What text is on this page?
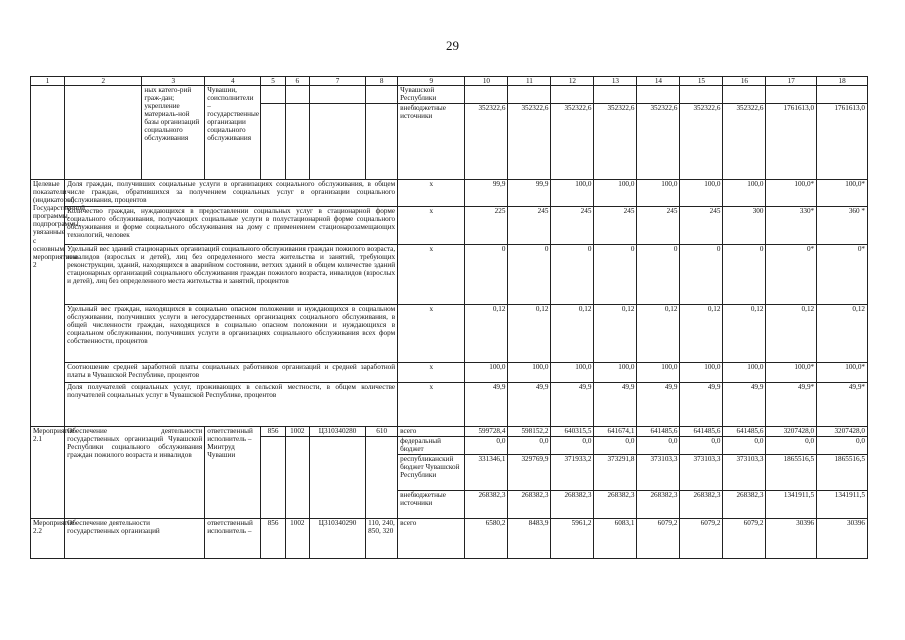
29
1	2	3	4	5	6	7	8	9	10	11	12	13	14	15	16	17	18
		ных катего-рий граж-дан; укрепление материаль-ной базы организаций социального обслуживания	Чувашии, соисполнители – государственные организации социального обслуживания					Чувашской Республики									
								внебюджетные источники	352322,6	352322,6	352322,6	352322,6	352322,6	352322,6	352322,6	1761613,0	1761613,0
Целевые показатели (индикаторы) Государственной программы, подпрограммы, увязанные с основным мероприятием 2	Доля граждан, получивших социальные услуги в организациях социального обслуживания, в общем числе граждан, обратившихся за получением социальных услуг в организации социального обслуживания, процентов							x	99,9	99,9	100,0	100,0	100,0	100,0	100,0	100,0*	100,0*
	Количество граждан, нуждающихся в предоставлении социальных услуг в стационарной форме социального обслуживания, получающих социальные услуги в полустационарной форме социального обслуживания и форме социального обслуживания на дому с применением стационарозамещающих технологий, человек							x	225	245	245	245	245	245	300	330*	360 *
	Удельный вес зданий стационарных организаций социального обслуживания граждан пожилого возраста, инвалидов (взрослых и детей), лиц без определенного места жительства и занятий, требующих реконструкции, зданий, находящихся в аварийном состоянии, ветхих зданий в общем количестве зданий стационарных организаций социального обслуживания граждан пожилого возраста, инвалидов (взрослых и детей), лиц без определенного места жительства и занятий, процентов							x	0	0	0	0	0	0	0	0*	0*
	Удельный вес граждан, находящихся в социально опасном положении и нуждающихся в социальном обслуживании, получивших услуги в негосударственных организациях социального обслуживания, в общей численности граждан, находящихся в социально опасном положении и нуждающихся в социальном обслуживании, получивших услуги в организациях социального обслуживания всех форм собственности, процентов							x	0,12	0,12	0,12	0,12	0,12	0,12	0,12	0,12	0,12
	Соотношение средней заработной платы социальных работников организаций и средней заработной платы в Чувашской Республике, процентов							x	100,0	100,0	100,0	100,0	100,0	100,0	100,0	100,0*	100,0*
	Доля получателей социальных услуг, проживающих в сельской местности, в общем количестве получателей социальных услуг в Чувашской Республике, процентов							x	49,9	49,9	49,9	49,9	49,9	49,9	49,9	49,9*	49,9*
Мероприятие 2.1	Обеспечение деятельности государственных организаций Чувашской Республики социального обслуживания граждан пожилого возраста и инвалидов		ответственный исполнитель – Минтруд Чувашии	856	1002	Ц310340280	610	всего	599728,4	598152,2	640315,5	641674,1	641485,6	641485,6	641485,6	3207428,0	3207428,0
								федеральный бюджет	0,0	0,0	0,0	0,0	0,0	0,0	0,0	0,0	0,0
								республиканский бюджет Чувашской Республики	331346,1	329769,9	371933,2	373291,8	373103,3	373103,3	373103,3	1865516,5	1865516,5
								внебюджетные источники	268382,3	268382,3	268382,3	268382,3	268382,3	268382,3	268382,3	1341911,5	1341911,5
Мероприятие 2.2	Обеспечение деятельности государственных организаций		ответственный исполнитель –	856	1002	Ц310340290	110, 240, 850, 320	всего	6580,2	8483,9	5961,2	6083,1	6079,2	6079,2	6079,2	30396	30396
